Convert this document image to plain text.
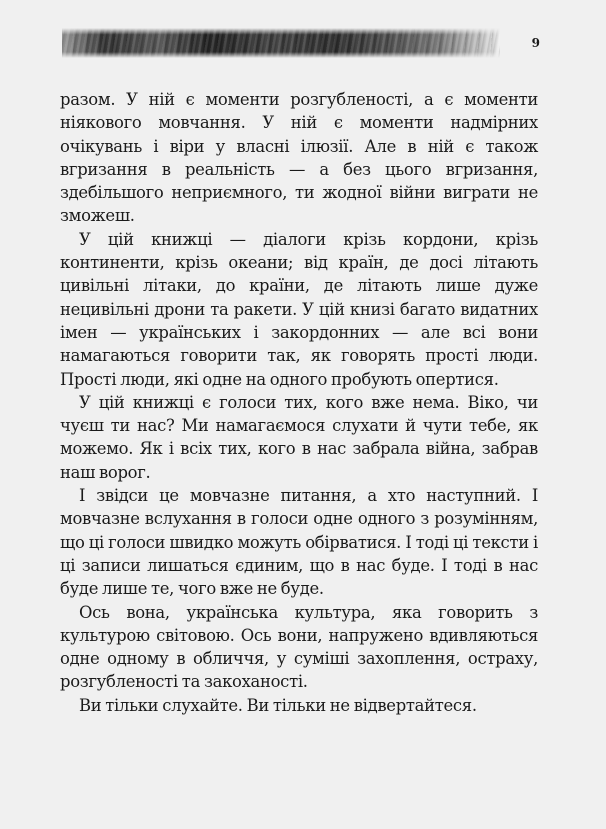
9

разом. У ній є моменти розгубленості, а є моменти ніякового мовчання. У ній є моменти надмірних очікувань і віри у власні ілюзії. Але в ній є також вгризання в реальність — а без цього вгризання, здебільшого неприємного, ти жодної війни виграти не зможеш.

У цій книжці — діалоги крізь кордони, крізь континенти, крізь океани; від країн, де досі літають цивільні літаки, до країни, де літають лише дуже нецивільні дрони та ракети. У цій книзі багато видатних імен — українських і закордонних — але всі вони намагаються говорити так, як говорять прості люди. Прості люди, які одне на одного пробують опертися.

У цій книжці є голоси тих, кого вже нема. Віко, чи чуєш ти нас? Ми намагаємося слухати й чути тебе, як можемо. Як і всіх тих, кого в нас забрала війна, забрав наш ворог.

І звідси це мовчазне питання, а хто наступний. І мовчазне вслухання в голоси одне одного з розумінням, що ці голоси швидко можуть обірватися. І тоді ці тексти і ці записи лишаться єдиним, що в нас буде. І тоді в нас буде лише те, чого вже не буде.

Ось вона, українська культура, яка говорить з культурою світовою. Ось вони, напружено вдивляються одне одному в обличчя, у суміші захоплення, остраху, розгубленості та закоханості.

Ви тільки слухайте. Ви тільки не відвертайтеся.
